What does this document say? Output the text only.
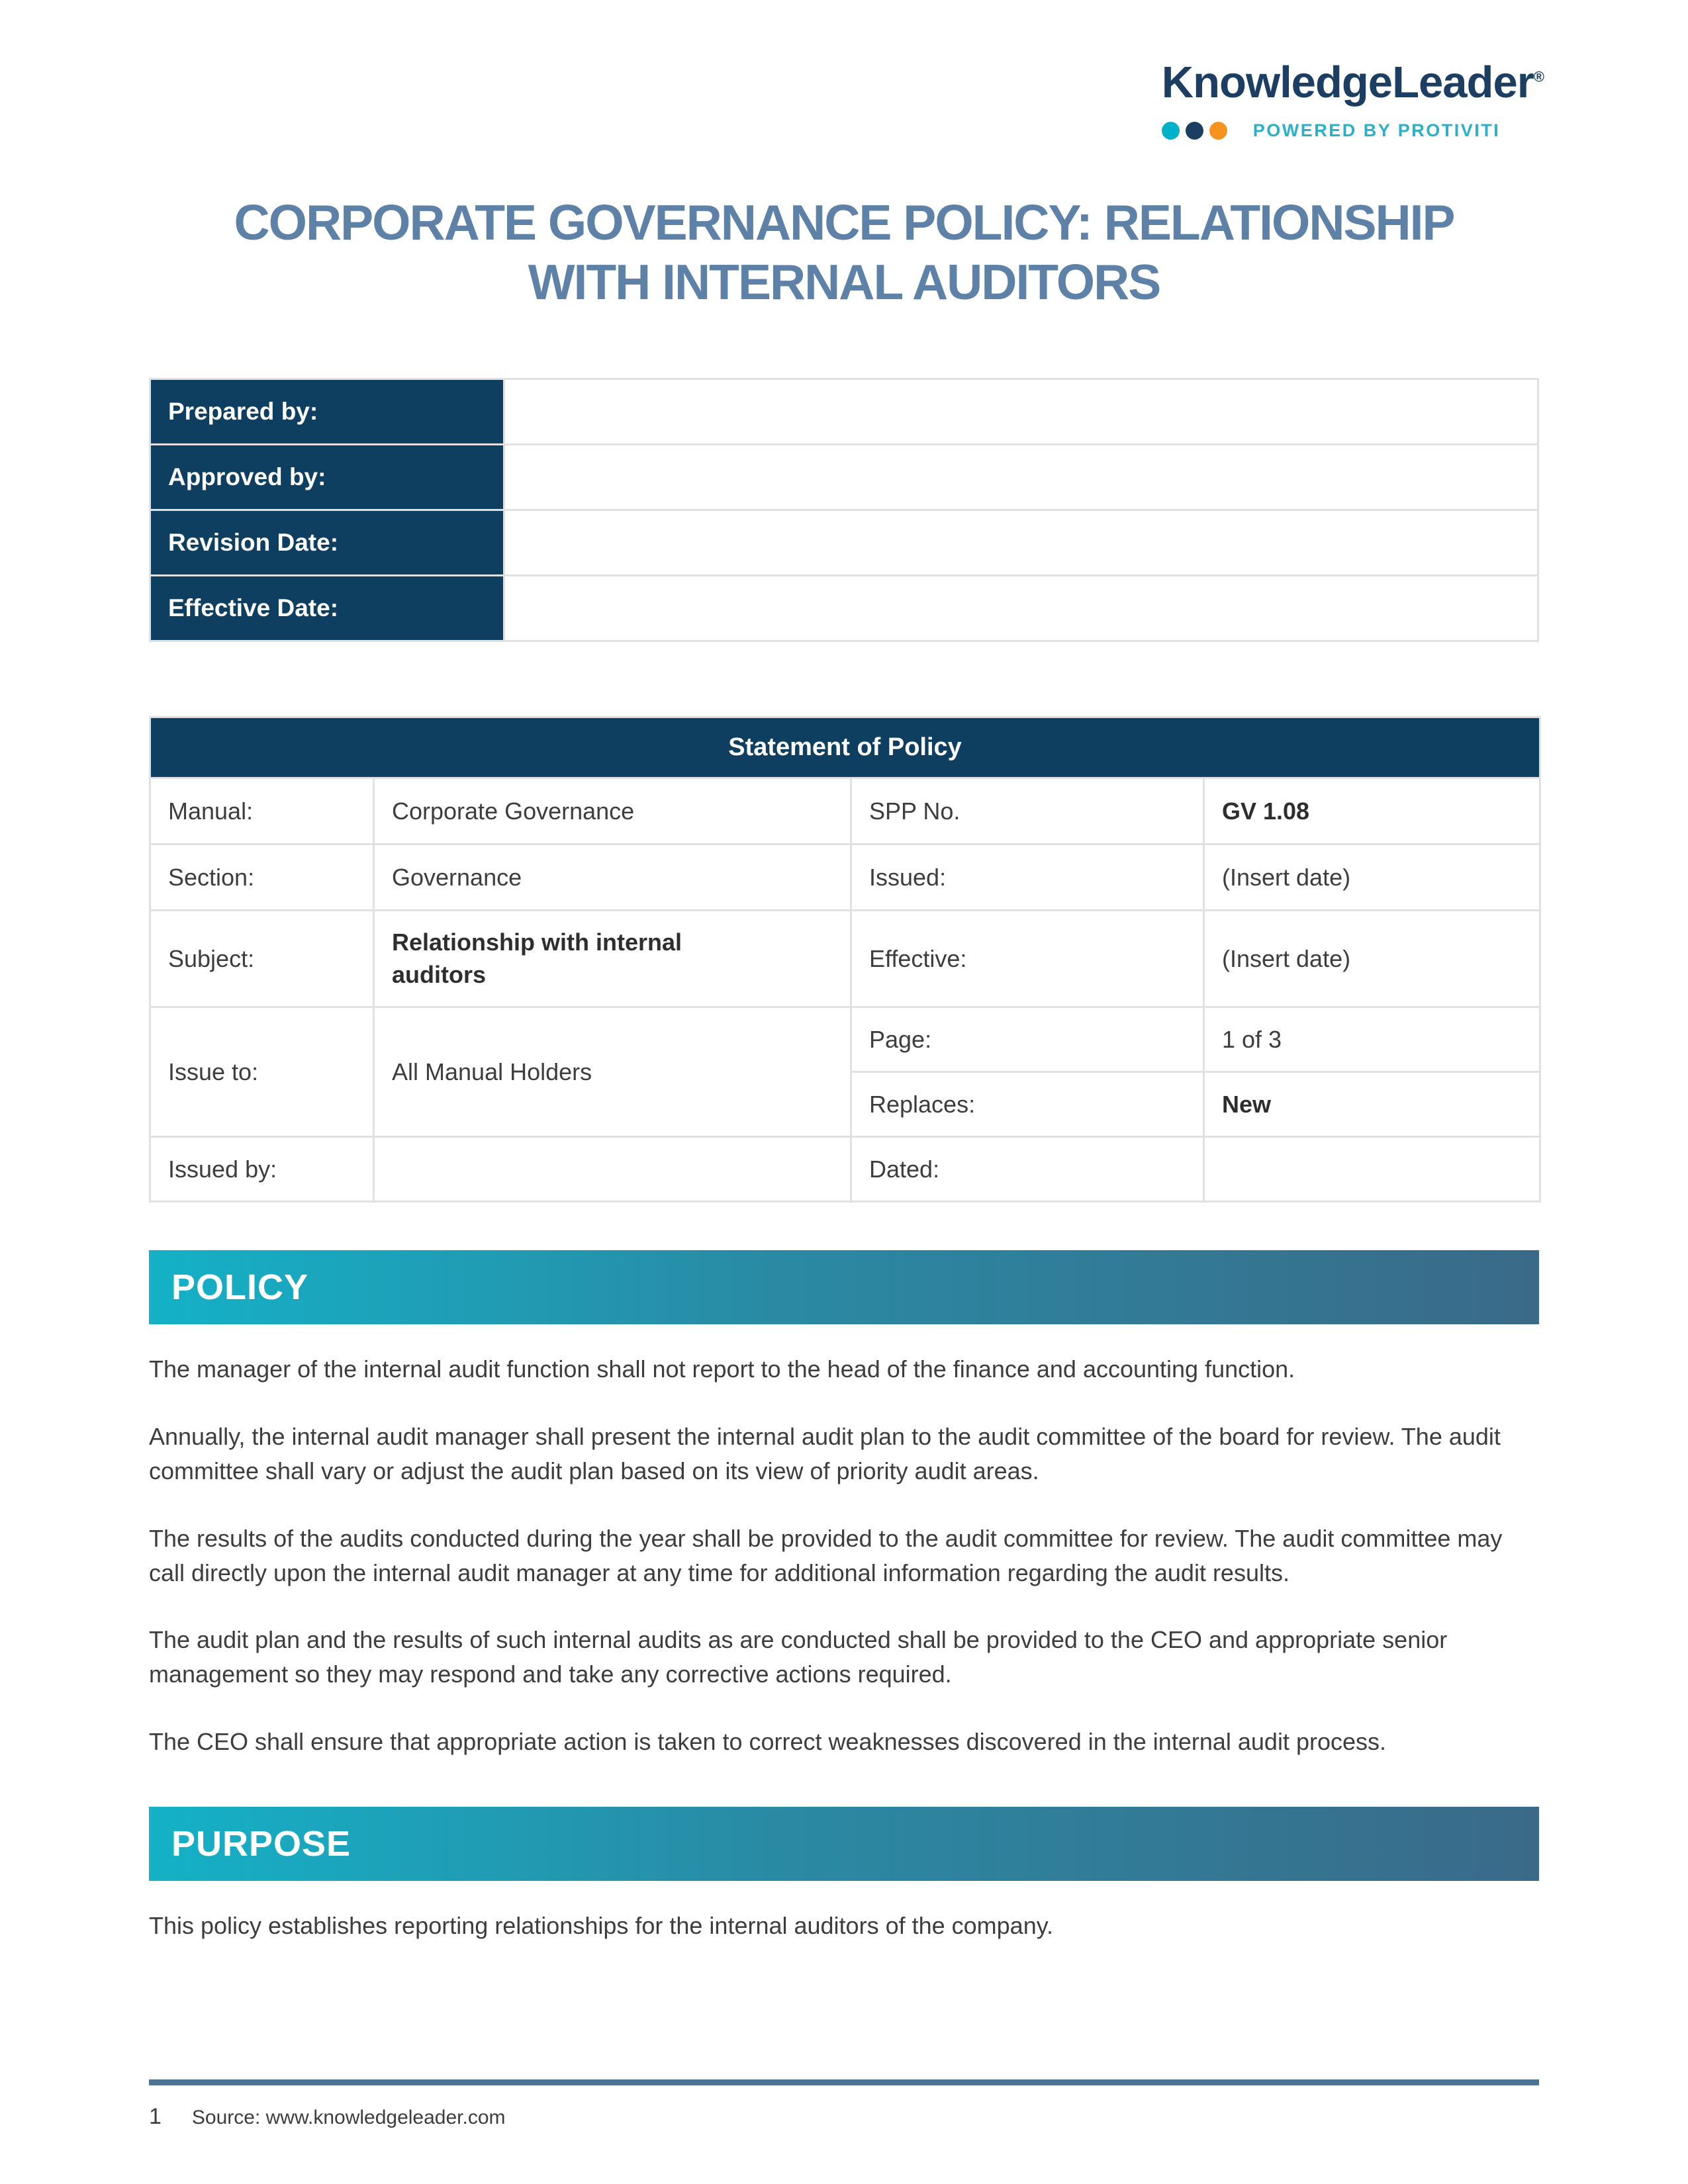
KnowledgeLeader®
POWERED BY PROTIVITI
CORPORATE GOVERNANCE POLICY: RELATIONSHIP WITH INTERNAL AUDITORS
Prepared by:	
Approved by:	
Revision Date:	
Effective Date:	
Statement of Policy			
Manual:	Corporate Governance	SPP No.	GV 1.08
Section:	Governance	Issued:	(Insert date)
Subject:	Relationship with internal auditors	Effective:	(Insert date)
Issue to:	All Manual Holders	Page:	1 of 3
		Replaces:	New
Issued by:		Dated:	
POLICY

The manager of the internal audit function shall not report to the head of the finance and accounting function.

Annually, the internal audit manager shall present the internal audit plan to the audit committee of the board for review. The audit committee shall vary or adjust the audit plan based on its view of priority audit areas.

The results of the audits conducted during the year shall be provided to the audit committee for review. The audit committee may call directly upon the internal audit manager at any time for additional information regarding the audit results.

The audit plan and the results of such internal audits as are conducted shall be provided to the CEO and appropriate senior management so they may respond and take any corrective actions required.

The CEO shall ensure that appropriate action is taken to correct weaknesses discovered in the internal audit process.

PURPOSE

This policy establishes reporting relationships for the internal auditors of the company.

1 Source: www.knowledgeleader.com
